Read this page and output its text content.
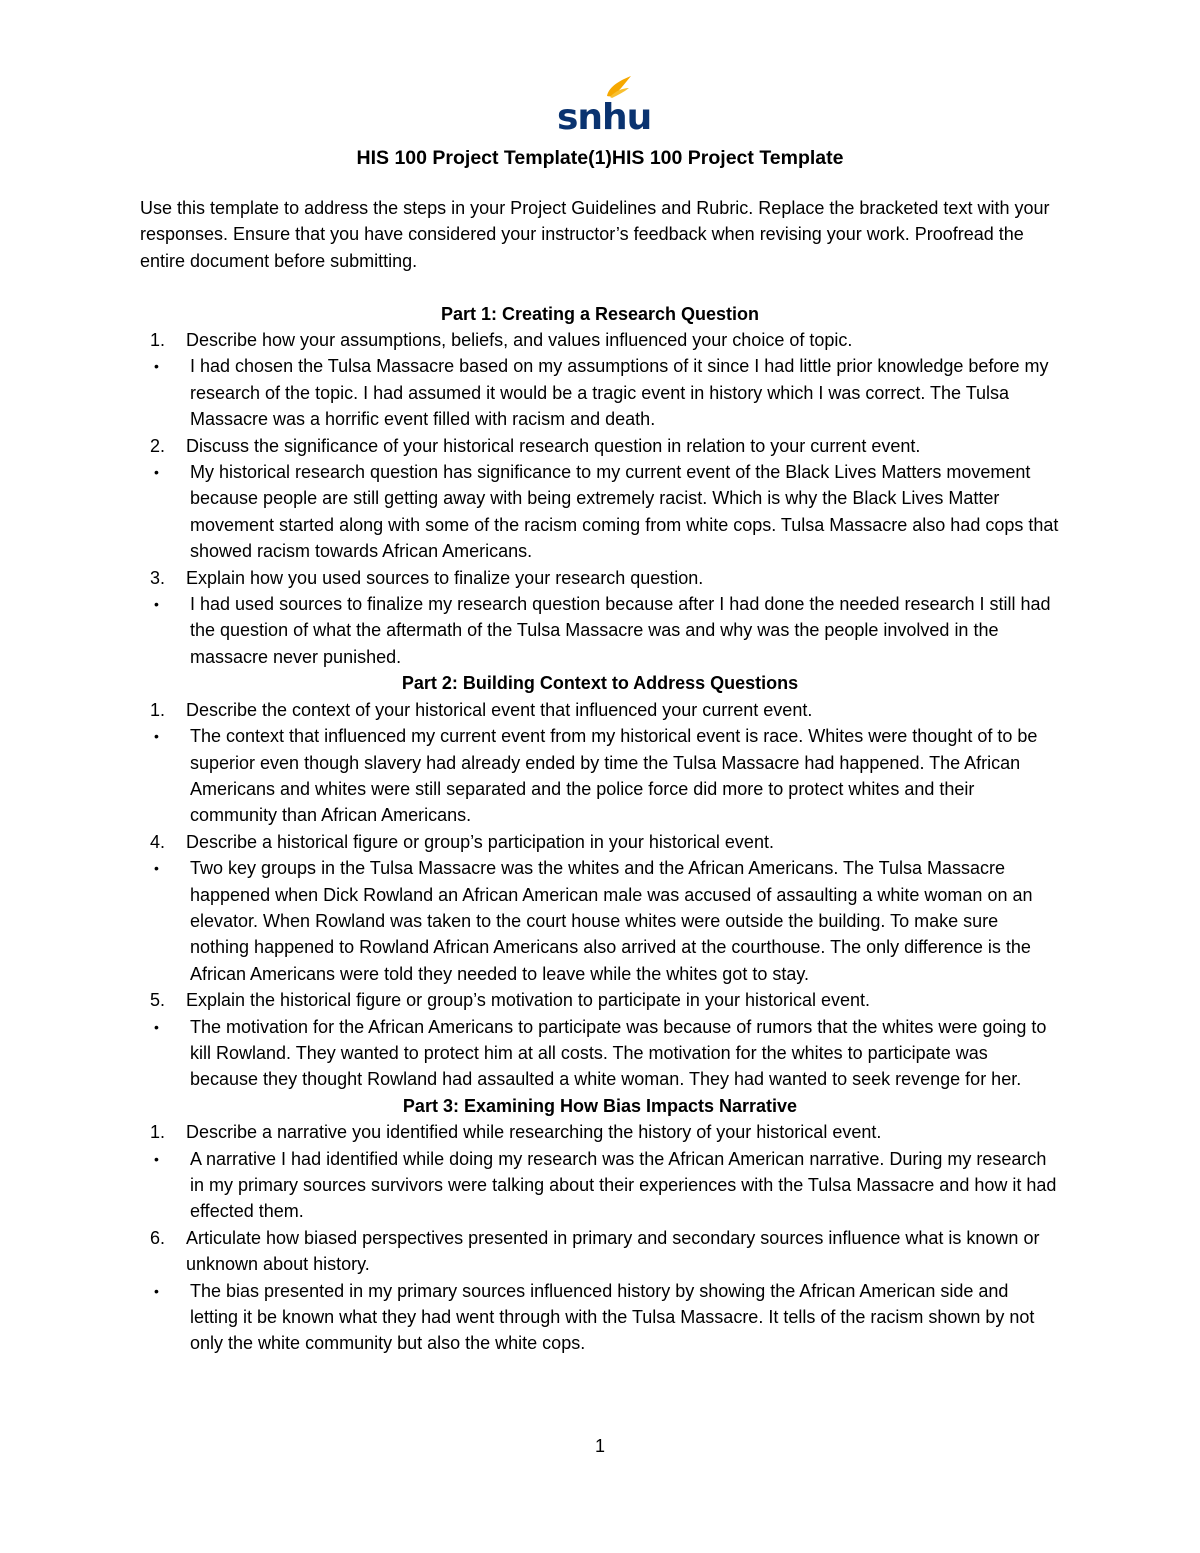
snhu
HIS 100 Project Template(1)HIS 100 Project Template

Use this template to address the steps in your Project Guidelines and Rubric. Replace the bracketed text with your responses. Ensure that you have considered your instructor’s feedback when revising your work. Proofread the entire document before submitting.

Part 1: Creating a Research Question

1.	Describe how your assumptions, beliefs, and values influenced your choice of topic.
•	I had chosen the Tulsa Massacre based on my assumptions of it since I had little prior knowledge before my research of the topic. I had assumed it would be a tragic event in history which I was correct. The Tulsa Massacre was a horrific event filled with racism and death.
2.	Discuss the significance of your historical research question in relation to your current event.
•	My historical research question has significance to my current event of the Black Lives Matters movement because people are still getting away with being extremely racist. Which is why the Black Lives Matter movement started along with some of the racism coming from white cops. Tulsa Massacre also had cops that showed racism towards African Americans.
3.	Explain how you used sources to finalize your research question.
•	I had used sources to finalize my research question because after I had done the needed research I still had the question of what the aftermath of the Tulsa Massacre was and why was the people involved in the massacre never punished.

Part 2: Building Context to Address Questions

1.	Describe the context of your historical event that influenced your current event.
•	The context that influenced my current event from my historical event is race. Whites were thought of to be superior even though slavery had already ended by time the Tulsa Massacre had happened. The African Americans and whites were still separated and the police force did more to protect whites and their community than African Americans.
4.	Describe a historical figure or group’s participation in your historical event.
•	Two key groups in the Tulsa Massacre was the whites and the African Americans. The Tulsa Massacre happened when Dick Rowland an African American male was accused of assaulting a white woman on an elevator. When Rowland was taken to the court house whites were outside the building. To make sure nothing happened to Rowland African Americans also arrived at the courthouse. The only difference is the African Americans were told they needed to leave while the whites got to stay.
5.	Explain the historical figure or group’s motivation to participate in your historical event.
•	The motivation for the African Americans to participate was because of rumors that the whites were going to kill Rowland. They wanted to protect him at all costs. The motivation for the whites to participate was because they thought Rowland had assaulted a white woman. They had wanted to seek revenge for her.

Part 3: Examining How Bias Impacts Narrative

1.	Describe a narrative you identified while researching the history of your historical event.
•	A narrative I had identified while doing my research was the African American narrative. During my research in my primary sources survivors were talking about their experiences with the Tulsa Massacre and how it had effected them.
6.	Articulate how biased perspectives presented in primary and secondary sources influence what is known or unknown about history.
•	The bias presented in my primary sources influenced history by showing the African American side and letting it be known what they had went through with the Tulsa Massacre. It tells of the racism shown by not only the white community but also the white cops.
1
